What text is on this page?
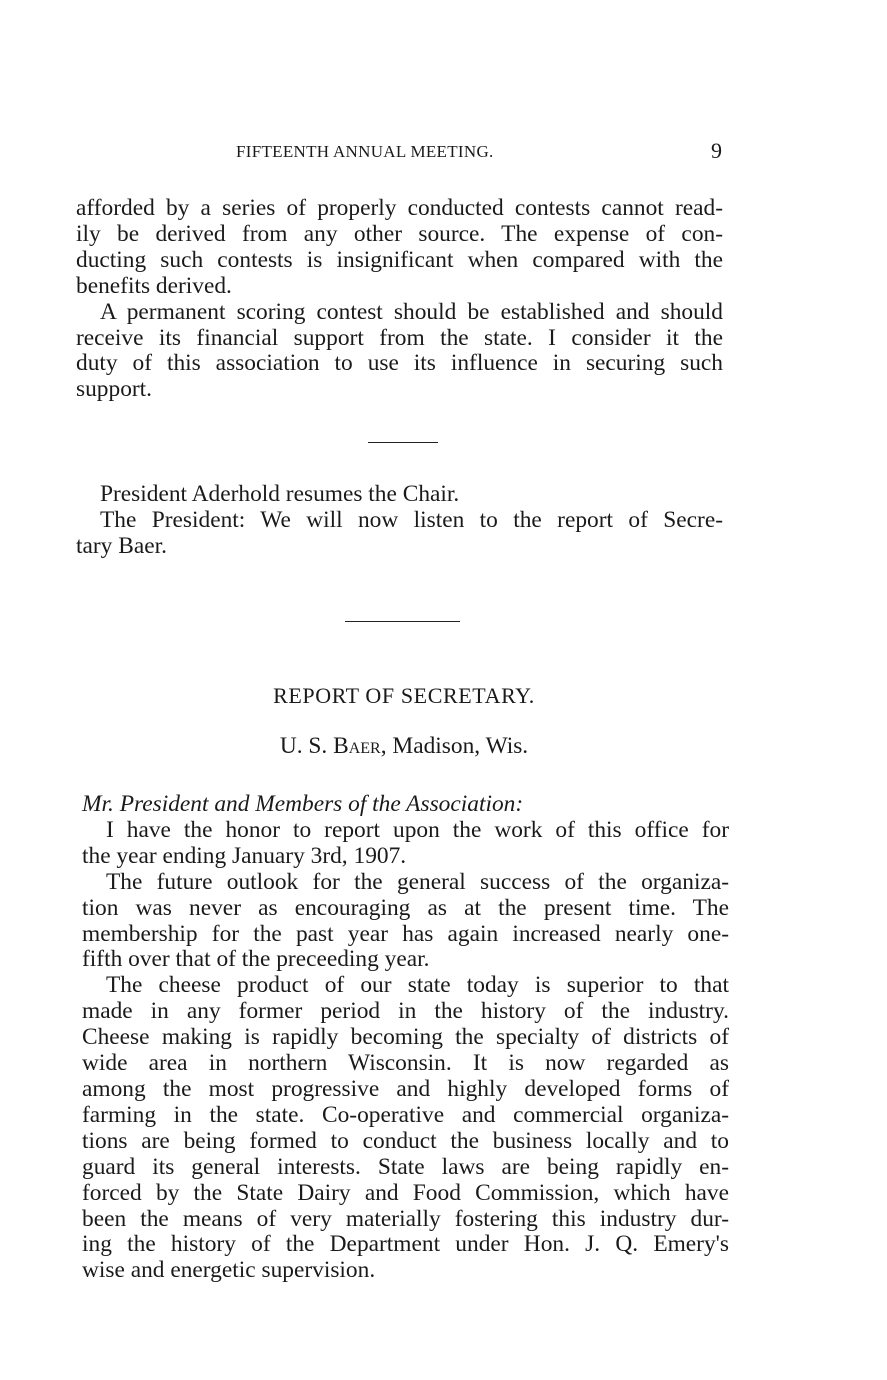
FIFTEENTH ANNUAL MEETING.	9
afforded by a series of properly conducted contests cannot read-
ily be derived from any other source. The expense of con-
ducting such contests is insignificant when compared with the
benefits derived.
A permanent scoring contest should be established and should
receive its financial support from the state. I consider it the
duty of this association to use its influence in securing such
support.
President Aderhold resumes the Chair.
The President: We will now listen to the report of Secre-
tary Baer.
REPORT OF SECRETARY.
U. S. Baer, Madison, Wis.
Mr. President and Members of the Association:
I have the honor to report upon the work of this office for
the year ending January 3rd, 1907.
The future outlook for the general success of the organiza-
tion was never as encouraging as at the present time. The
membership for the past year has again increased nearly one-
fifth over that of the preceeding year.
The cheese product of our state today is superior to that
made in any former period in the history of the industry.
Cheese making is rapidly becoming the specialty of districts of
wide area in northern Wisconsin. It is now regarded as
among the most progressive and highly developed forms of
farming in the state. Co-operative and commercial organiza-
tions are being formed to conduct the business locally and to
guard its general interests. State laws are being rapidly en-
forced by the State Dairy and Food Commission, which have
been the means of very materially fostering this industry dur-
ing the history of the Department under Hon. J. Q. Emery's
wise and energetic supervision.
